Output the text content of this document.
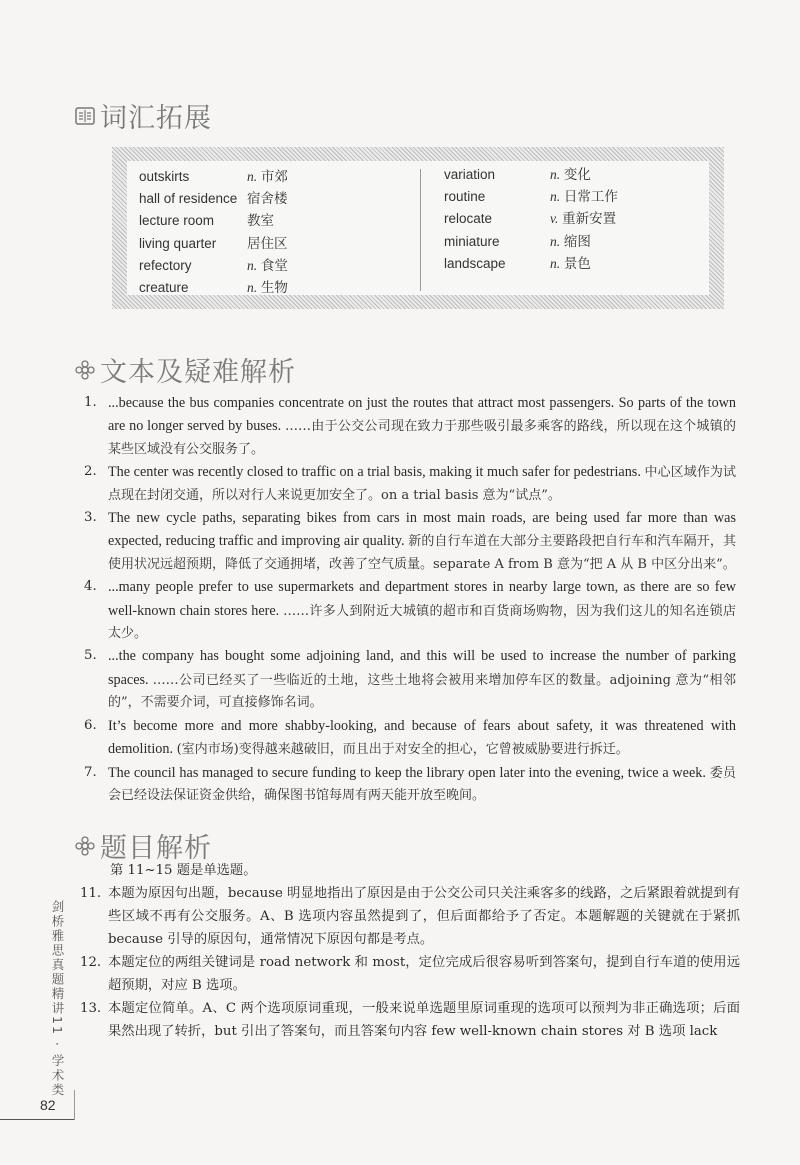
词汇拓展
outskirts	n. 市郊
hall of residence 宿舍楼
lecture room 教室
living quarter 居住区
refectory	n. 食堂
creature	n. 生物
variation	n. 变化
routine	n. 日常工作
relocate	v. 重新安置
miniature	n. 缩图
landscape	n. 景色
文本及疑难解析
1. ...because the bus companies concentrate on just the routes that attract most passengers. So parts of the town are no longer served by buses. ……由于公交公司现在致力于那些吸引最多乘客的路线，所以现在这个城镇的某些区域没有公交服务了。
2. The center was recently closed to traffic on a trial basis, making it much safer for pedestrians. 中心区域作为试点现在封闭交通，所以对行人来说更加安全了。on a trial basis 意为“试点”。
3. The new cycle paths, separating bikes from cars in most main roads, are being used far more than was expected, reducing traffic and improving air quality. 新的自行车道在大部分主要路段把自行车和汽车隔开，其使用状况远超预期，降低了交通拥堵，改善了空气质量。separate A from B 意为“把 A 从 B 中区分出来”。
4. ...many people prefer to use supermarkets and department stores in nearby large town, as there are so few well-known chain stores here. ……许多人到附近大城镇的超市和百货商场购物，因为我们这儿的知名连锁店太少。
5. ...the company has bought some adjoining land, and this will be used to increase the number of parking spaces. ……公司已经买了一些临近的土地，这些土地将会被用来增加停车区的数量。adjoining 意为“相邻的”，不需要介词，可直接修饰名词。
6. It’s become more and more shabby-looking, and because of fears about safety, it was threatened with demolition. (室内市场)变得越来越破旧，而且出于对安全的担心，它曾被威胁要进行拆迁。
7. The council has managed to secure funding to keep the library open later into the evening, twice a week. 委员会已经设法保证资金供给，确保图书馆每周有两天能开放至晚间。
题目解析
第 11~15 题是单选题。
11. 本题为原因句出题，because 明显地指出了原因是由于公交公司只关注乘客多的线路，之后紧跟着就提到有些区域不再有公交服务。A、B 选项内容虽然提到了，但后面都给予了否定。本题解题的关键就在于紧抓 because 引导的原因句，通常情况下原因句都是考点。
12. 本题定位的两组关键词是 road network 和 most，定位完成后很容易听到答案句，提到自行车道的使用远超预期，对应 B 选项。
13. 本题定位简单。A、C 两个选项原词重现，一般来说单选题里原词重现的选项可以预判为非正确选项；后面果然出现了转折，but 引出了答案句，而且答案句内容 few well-known chain stores 对 B 选项 lack
剑桥雅思真题精讲11 · 学术类
82
